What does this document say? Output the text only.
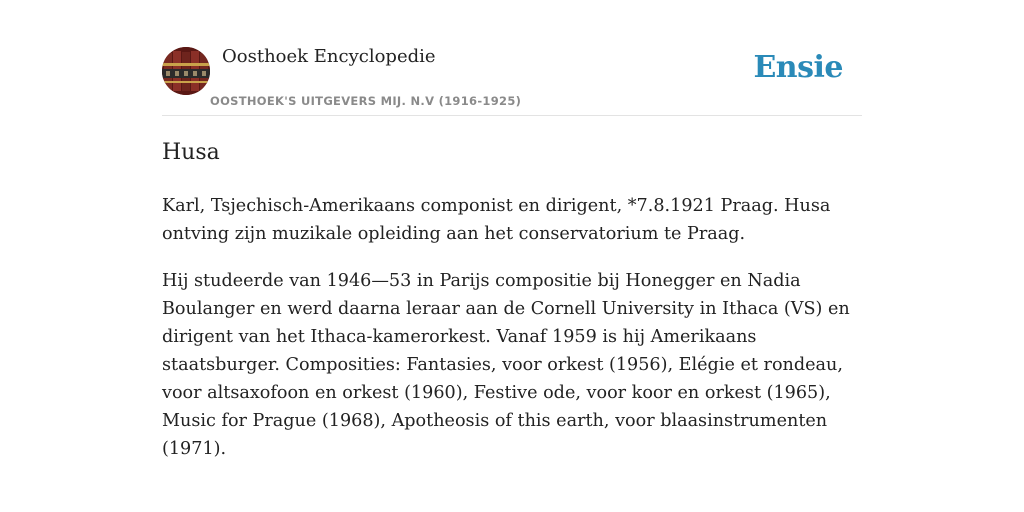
Oosthoek Encyclopedie
OOSTHOEK'S UITGEVERS MIJ. N.V (1916-1925)
Ensie
Husa

Karl, Tsjechisch-Amerikaans componist en dirigent, *7.8.1921 Praag. Husa ontving zijn muzikale opleiding aan het conservatorium te Praag.

Hij studeerde van 1946—53 in Parijs compositie bij Honegger en Nadia Boulanger en werd daarna leraar aan de Cornell University in Ithaca (VS) en dirigent van het Ithaca-kamerorkest. Vanaf 1959 is hij Amerikaans staatsburger. Composities: Fantasies, voor orkest (1956), Elégie et rondeau, voor altsaxofoon en orkest (1960), Festive ode, voor koor en orkest (1965), Music for Prague (1968), Apotheosis of this earth, voor blaasinstrumenten (1971).
